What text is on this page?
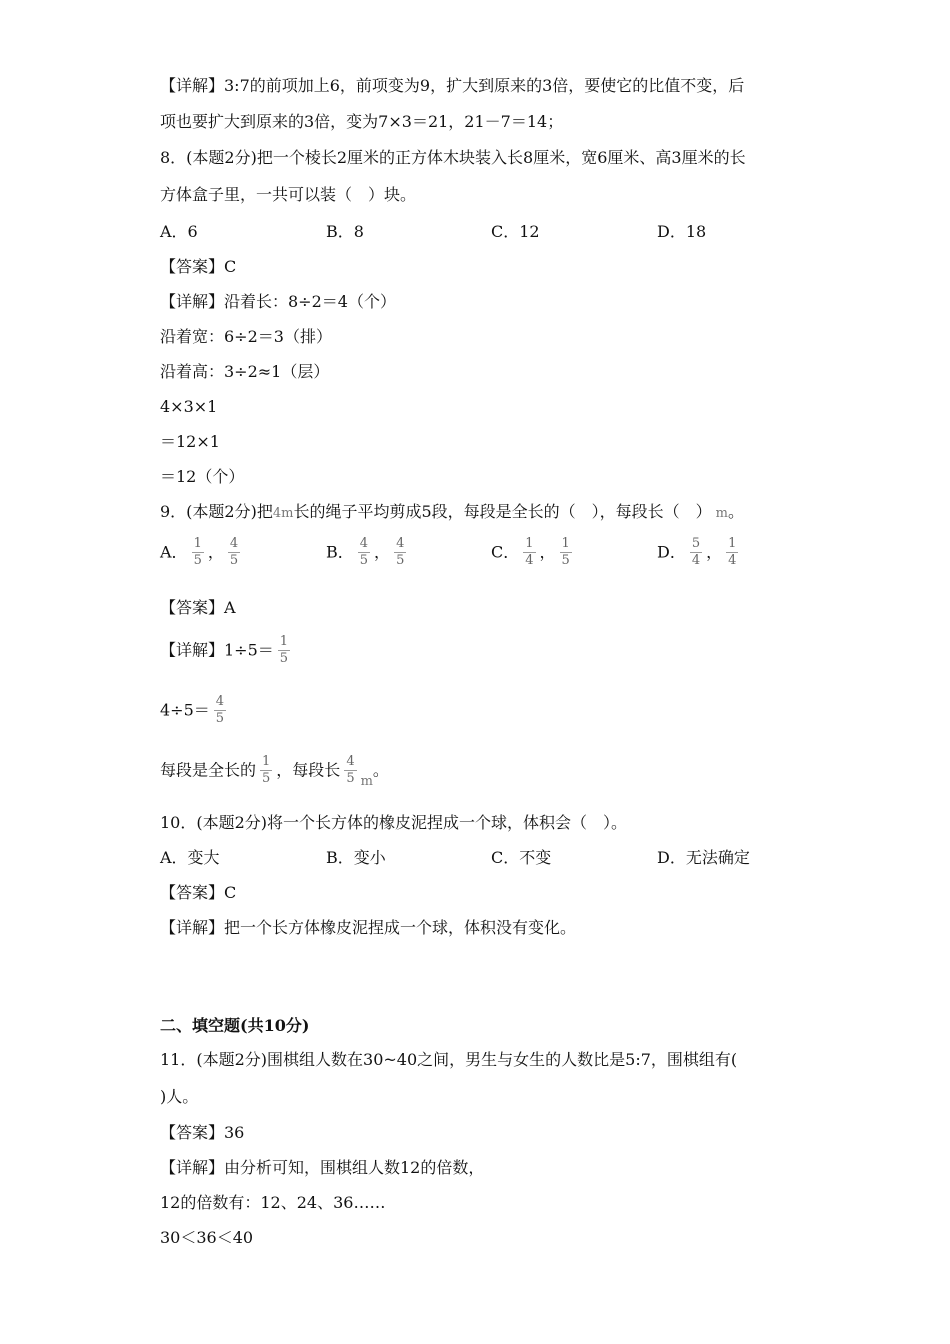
【详解】3:7的前项加上6，前项变为9，扩大到原来的3倍，要使它的比值不变，后
项也要扩大到原来的3倍，变为7×3＝21，21－7＝14；
8．(本题2分)把一个棱长2厘米的正方体木块装入长8厘米，宽6厘米、高3厘米的长
方体盒子里，一共可以装（　）块。
A．6	B．8	C．12	D．18
【答案】C
【详解】沿着长：8÷2＝4（个）
沿着宽：6÷2＝3（排）
沿着高：3÷2≈1（层）
4×3×1
＝12×1
＝12（个）
9．(本题2分)把4m长的绳子平均剪成5段，每段是全长的（　），每段长（　） m。
A． $\frac{1}{5}$ ， $\frac{4}{5}$	B． $\frac{4}{5}$ ， $\frac{4}{5}$	C． $\frac{1}{4}$ ， $\frac{1}{5}$	D． $\frac{5}{4}$ ， $\frac{1}{4}$
【答案】A
【详解】$1\div 5= \frac{1}{5}$
$4\div 5= \frac{4}{5}$
每段是全长的 $\frac{1}{5}$ ，每段长 $\frac{4}{5} _m$。
10．(本题2分)将一个长方体的橡皮泥捏成一个球，体积会（　）。
A．变大	B．变小	C．不变	D．无法确定
【答案】C
【详解】把一个长方体橡皮泥捏成一个球，体积没有变化。
二、填空题(共10分)
11．(本题2分)围棋组人数在30~40之间，男生与女生的人数比是5:7，围棋组有(
)人。
【答案】36
【详解】由分析可知，围棋组人数12的倍数，
12的倍数有：12、24、36……
30＜36＜40
